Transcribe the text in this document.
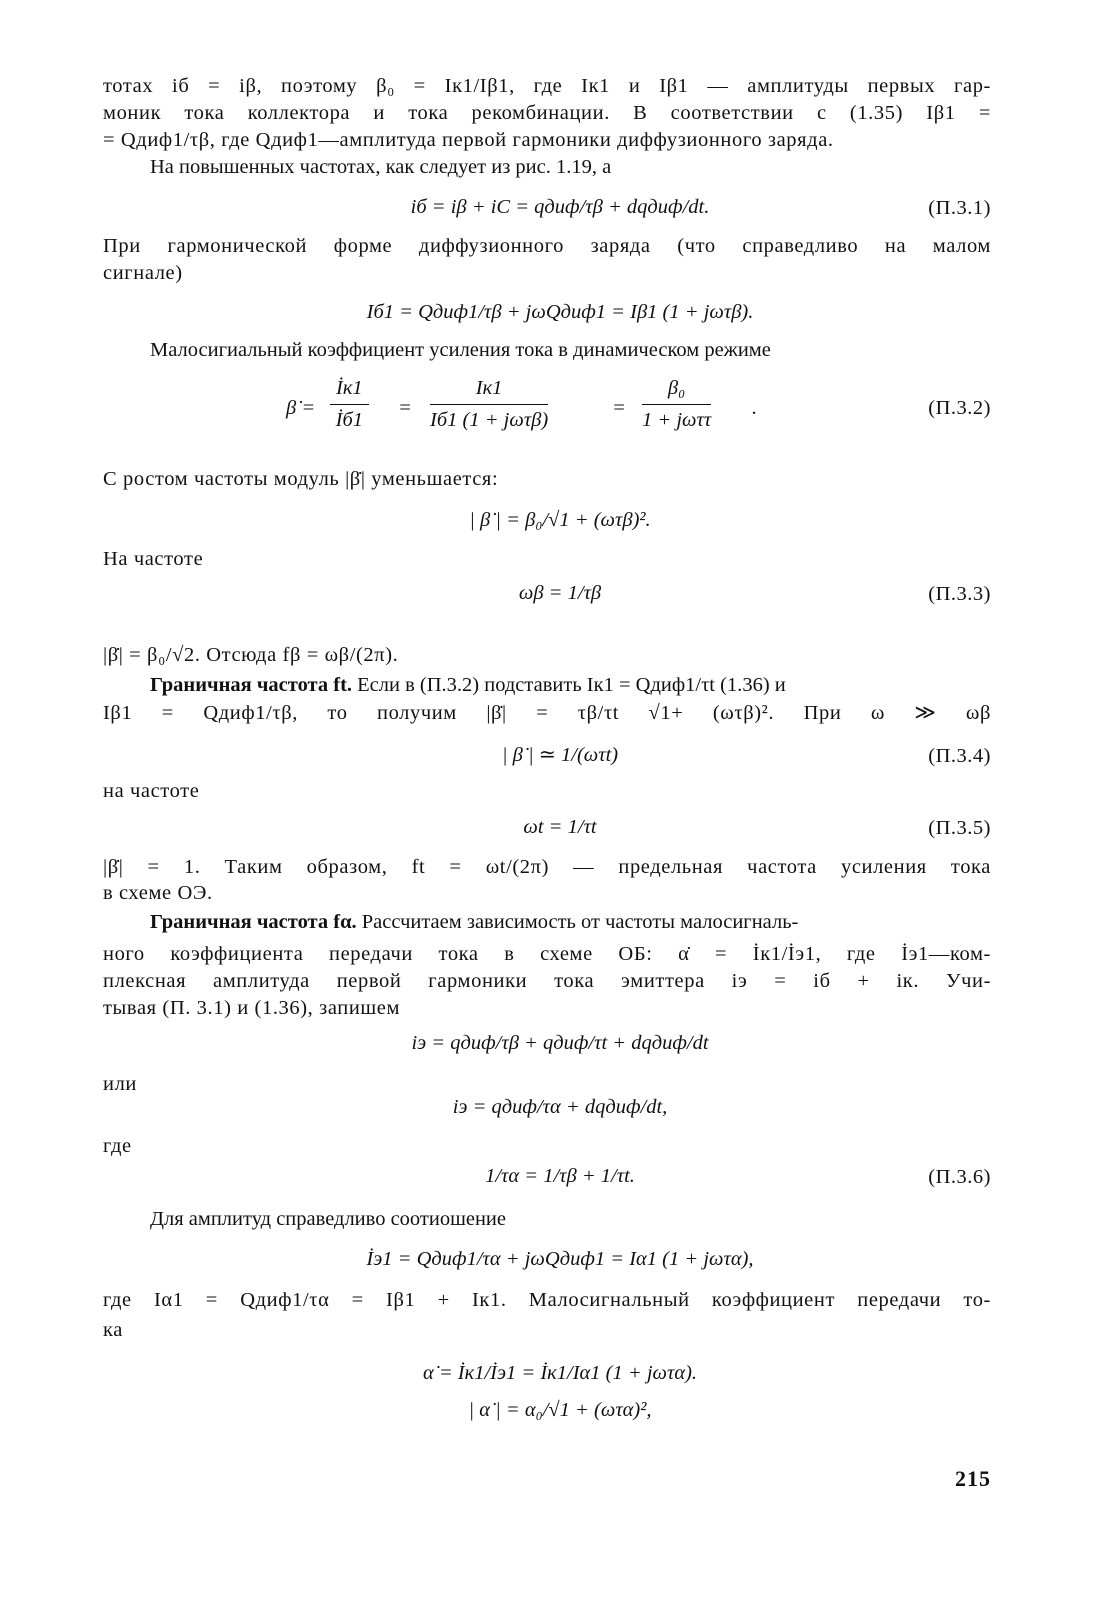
тотах iб = iβ, поэтому β₀ = Iк1/Iβ1, где Iк1 и Iβ1 — амплитуды первых гар-
моник тока коллектора и тока рекомбинации. В соответствии с (1.35) Iβ1 =
= Qдиф1/τβ, где Qдиф1—амплитуда первой гармоники диффузионного заряда.
На повышенных частотах, как следует из рис. 1.19, а
iб = iβ + iC = qдиф/τβ + dqдиф/dt.	(П.3.1)
При гармонической форме диффузионного заряда (что справедливо на малом
сигнале)
Iб1 = Qдиф1/τβ + jωQдиф1 = Iβ1 (1 + jωτβ).
Малосигиальный коэффициент усиления тока в динамическом режиме
β̇ =
İк1
İб1
=
Iк1
Iб1 (1 + jωτβ)
=
β₀
1 + jωττ
.	(П.3.2)
С ростом частоты модуль |β̇| уменьшается:
| β̇ | = β₀/√1 + (ωτβ)².
На частоте
ωβ = 1/τβ	(П.3.3)
|β̇| = β₀/√2. Отсюда fβ = ωβ/(2π).
Граничная частота ft. Если в (П.3.2) подставить Iк1 = Qдиф1/τt (1.36) и
Iβ1 = Qдиф1/τβ, то получим |β̇| = τβ/τt √1+ (ωτβ)². При ω ≫ ωβ
| β̇ | ≃ 1/(ωτt)	(П.3.4)
на частоте
ωt = 1/τt	(П.3.5)
|β̇| = 1. Таким образом, ft = ωt/(2π) — предельная частота усиления тока
в схеме ОЭ.
Граничная частота fα. Рассчитаем зависимость от частоты малосигналь-
ного коэффициента передачи тока в схеме ОБ: α̇ = İк1/İэ1, где İэ1—ком-
плексная амплитуда первой гармоники тока эмиттера iэ = iб + iк. Учи-
тывая (П. 3.1) и (1.36), запишем
iэ = qдиф/τβ + qдиф/τt + dqдиф/dt
или
iэ = qдиф/τα + dqдиф/dt,
где
1/τα = 1/τβ + 1/τt.	(П.3.6)
Для амплитуд справедливо соотиошение
İэ1 = Qдиф1/τα + jωQдиф1 = Iα1 (1 + jωτα),
где Iα1 = Qдиф1/τα = Iβ1 + Iк1. Малосигнальный коэффициент передачи то-
ка
α̇ = İк1/İэ1 = İк1/Iα1 (1 + jωτα).
| α̇ | = α₀/√1 + (ωτα)²,
215
